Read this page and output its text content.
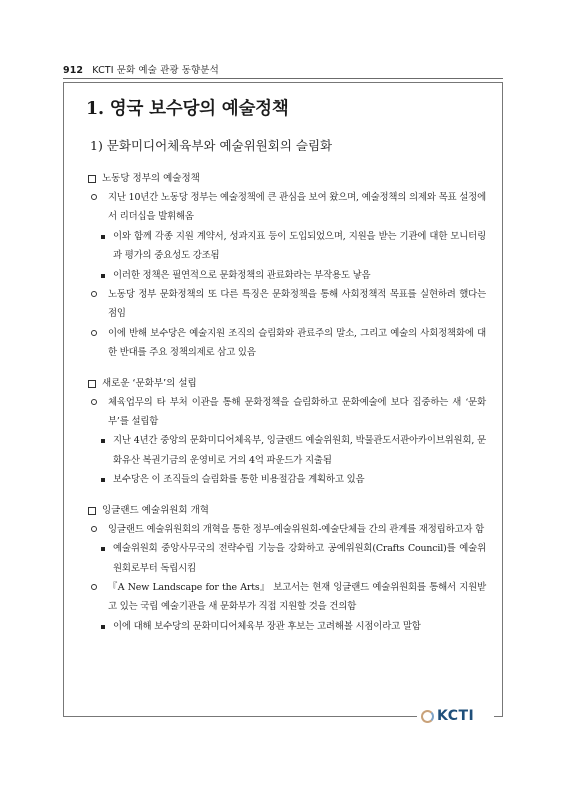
912 KCTI 문화 예술 관광 동향분석
KCTI
1. 영국 보수당의 예술정책
1) 문화미디어체육부와 예술위원회의 슬림화
노동당 정부의 예술정책
지난 10년간 노동당 정부는 예술정책에 큰 관심을 보여 왔으며, 예술정책의 의제와 목표 설정에서 리더십을 발휘해옴
이와 함께 각종 지원 계약서, 성과지표 등이 도입되었으며, 지원을 받는 기관에 대한 모니터링과 평가의 중요성도 강조됨
이러한 정책은 필연적으로 문화정책의 관료화라는 부작용도 낳음
노동당 정부 문화정책의 또 다른 특징은 문화정책을 통해 사회정책적 목표를 실현하려 했다는 점임
이에 반해 보수당은 예술지원 조직의 슬림화와 관료주의 말소, 그리고 예술의 사회정책화에 대한 반대를 주요 정책의제로 삼고 있음
새로운 ‘문화부’의 설립
체육업무의 타 부처 이관을 통해 문화정책을 슬림화하고 문화예술에 보다 집중하는 새 ‘문화부’를 설립함
지난 4년간 중앙의 문화미디어체육부, 잉글랜드 예술위원회, 박물관도서관아카이브위원회, 문화유산 복권기금의 운영비로 거의 4억 파운드가 지출됨
보수당은 이 조직들의 슬림화를 통한 비용절감을 계획하고 있음
잉글랜드 예술위원회 개혁
잉글랜드 예술위원회의 개혁을 통한 정부-예술위원회-예술단체들 간의 관계를 재정립하고자 함
예술위원회 중앙사무국의 전략수립 기능을 강화하고 공예위원회(Crafts Council)를 예술위원회로부터 독립시킴
『A New Landscape for the Arts』 보고서는 현재 잉글랜드 예술위원회를 통해서 지원받고 있는 국립 예술기관을 새 문화부가 직접 지원할 것을 건의함
이에 대해 보수당의 문화미디어체육부 장관 후보는 고려해볼 시점이라고 말함
